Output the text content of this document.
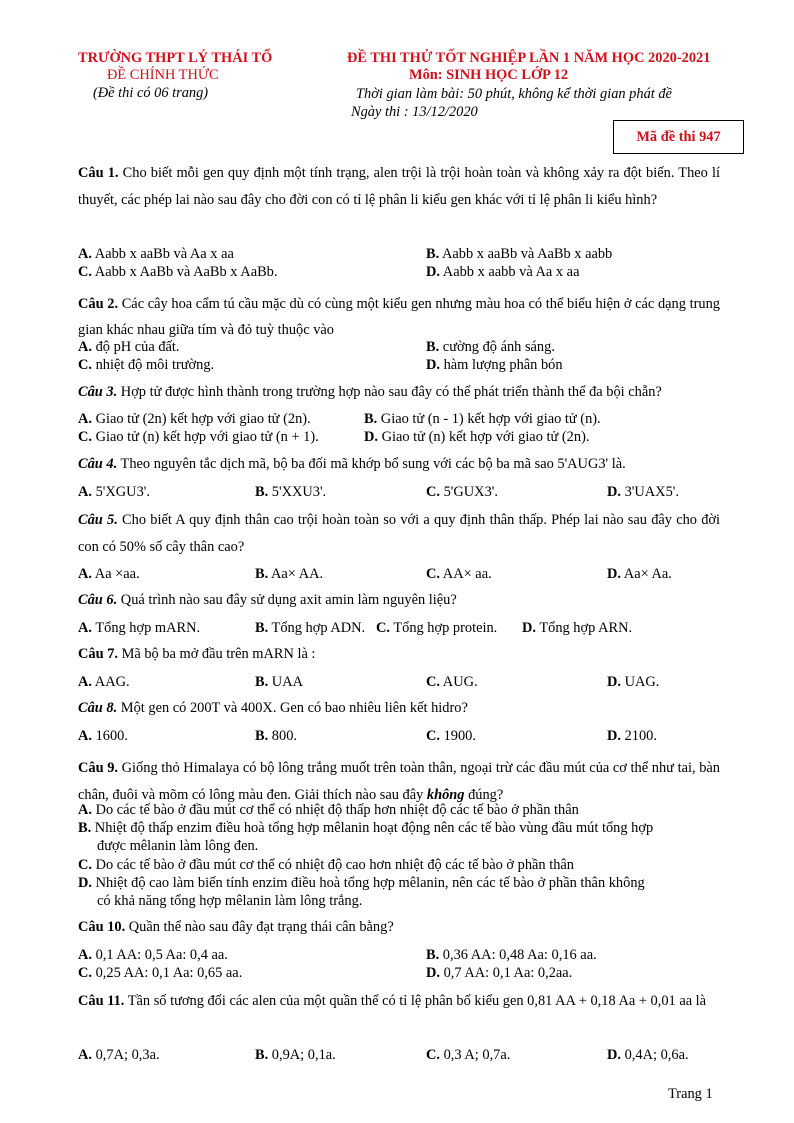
TRƯỜNG THPT LÝ THÁI TỔ
ĐỀ CHÍNH THỨC
(Đề thi có 06 trang)
ĐỀ THI THỬ TỐT NGHIỆP LẦN 1 NĂM HỌC 2020-2021
Môn: SINH HỌC LỚP 12
Thời gian làm bài: 50 phút, không kể thời gian phát đề
Ngày thi : 13/12/2020
Mã đề thi 947
Câu 1. Cho biết mỗi gen quy định một tính trạng, alen trội là trội hoàn toàn và không xảy ra đột biến. Theo lí thuyết, các phép lai nào sau đây cho đời con có tỉ lệ phân li kiểu gen khác với tỉ lệ phân li kiểu hình?
A. Aabb x aaBb và Aa x aa	B. Aabb x aaBb và AaBb x aabb
C. Aabb x AaBb và AaBb x AaBb.	D. Aabb x aabb và Aa x aa
Câu 2. Các cây hoa cẩm tú cầu mặc dù có cùng một kiểu gen nhưng màu hoa có thể biểu hiện ở các dạng trung gian khác nhau giữa tím và đỏ tuỳ thuộc vào
A. độ pH của đất.	B. cường độ ánh sáng.
C. nhiệt độ môi trường.	D. hàm lượng phân bón
Câu 3. Hợp tử được hình thành trong trường hợp nào sau đây có thể phát triển thành thể đa bội chẵn?
A. Giao tử (2n) kết hợp với giao tử (2n).	B. Giao tử (n - 1) kết hợp với giao tử (n).
C. Giao tử (n) kết hợp với giao tử (n + 1).	D. Giao tử (n) kết hợp với giao tử (2n).
Câu 4. Theo nguyên tắc dịch mã, bộ ba đối mã khớp bổ sung với các bộ ba mã sao 5'AUG3' là.
A. 5'XGU3'.	B. 5'XXU3'.	C. 5'GUX3'.	D. 3'UAX5'.
Câu 5. Cho biết A quy định thân cao trội hoàn toàn so với a quy định thân thấp. Phép lai nào sau đây cho đời con có 50% số cây thân cao?
A. Aa ×aa.	B. Aa× AA.	C. AA× aa.	D. Aa× Aa.
Câu 6. Quá trình nào sau đây sử dụng axit amin làm nguyên liệu?
A. Tổng hợp mARN.	B. Tổng hợp ADN. C. Tổng hợp protein. D. Tổng hợp ARN.
Câu 7. Mã bộ ba mở đầu trên mARN là :
A. AAG.	B. UAA	C. AUG.	D. UAG.
Câu 8. Một gen có 200T và 400X. Gen có bao nhiêu liên kết hidro?
A. 1600.	B. 800.	C. 1900.	D. 2100.
Câu 9. Giống thỏ Himalaya có bộ lông trắng muốt trên toàn thân, ngoại trừ các đầu mút của cơ thể như tai, bàn chân, đuôi và mõm có lông màu đen. Giải thích nào sau đây không đúng?
A. Do các tế bào ở đầu mút cơ thể có nhiệt độ thấp hơn nhiệt độ các tế bào ở phần thân
B. Nhiệt độ thấp enzim điều hoà tổng hợp mêlanin hoạt động nên các tế bào vùng đầu mút tổng hợp
được mêlanin làm lông đen.
C. Do các tế bào ở đầu mút cơ thể có nhiệt độ cao hơn nhiệt độ các tế bào ở phần thân
D. Nhiệt độ cao làm biến tính enzim điều hoà tổng hợp mêlanin, nên các tế bào ở phần thân không
có khả năng tổng hợp mêlanin làm lông trắng.
Câu 10. Quần thể nào sau đây đạt trạng thái cân bằng?
A. 0,1 AA: 0,5 Aa: 0,4 aa.	B. 0,36 AA: 0,48 Aa: 0,16 aa.
C. 0,25 AA: 0,1 Aa: 0,65 aa.	D. 0,7 AA: 0,1 Aa: 0,2aa.
Câu 11. Tần số tương đối các alen của một quần thể có tỉ lệ phân bố kiểu gen 0,81 AA + 0,18 Aa + 0,01 aa là
A. 0,7A; 0,3a.	B. 0,9A; 0,1a.	C. 0,3 A; 0,7a.	D. 0,4A; 0,6a.
Trang 1
